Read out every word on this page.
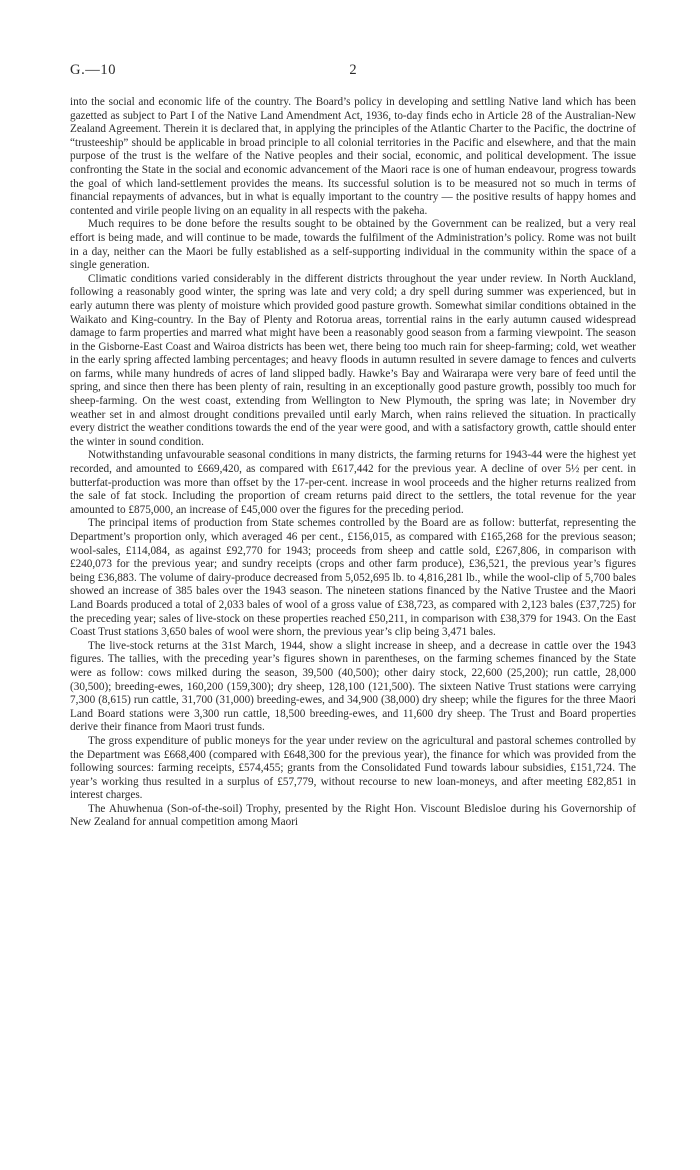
G.—10	2

into the social and economic life of the country. The Board’s policy in developing and settling Native land which has been gazetted as subject to Part I of the Native Land Amendment Act, 1936, to-day finds echo in Article 28 of the Australian-New Zealand Agreement. Therein it is declared that, in applying the principles of the Atlantic Charter to the Pacific, the doctrine of “trusteeship” should be applicable in broad principle to all colonial territories in the Pacific and elsewhere, and that the main purpose of the trust is the welfare of the Native peoples and their social, economic, and political development. The issue confronting the State in the social and economic advancement of the Maori race is one of human endeavour, progress towards the goal of which land-settlement provides the means. Its successful solution is to be measured not so much in terms of financial repayments of advances, but in what is equally important to the country — the positive results of happy homes and contented and virile people living on an equality in all respects with the pakeha.

Much requires to be done before the results sought to be obtained by the Government can be realized, but a very real effort is being made, and will continue to be made, towards the fulfilment of the Administration’s policy. Rome was not built in a day, neither can the Maori be fully established as a self-supporting individual in the community within the space of a single generation.

Climatic conditions varied considerably in the different districts throughout the year under review. In North Auckland, following a reasonably good winter, the spring was late and very cold; a dry spell during summer was experienced, but in early autumn there was plenty of moisture which provided good pasture growth. Somewhat similar conditions obtained in the Waikato and King-country. In the Bay of Plenty and Rotorua areas, torrential rains in the early autumn caused widespread damage to farm properties and marred what might have been a reasonably good season from a farming viewpoint. The season in the Gisborne-East Coast and Wairoa districts has been wet, there being too much rain for sheep-farming; cold, wet weather in the early spring affected lambing percentages; and heavy floods in autumn resulted in severe damage to fences and culverts on farms, while many hundreds of acres of land slipped badly. Hawke’s Bay and Wairarapa were very bare of feed until the spring, and since then there has been plenty of rain, resulting in an exceptionally good pasture growth, possibly too much for sheep-farming. On the west coast, extending from Wellington to New Plymouth, the spring was late; in November dry weather set in and almost drought conditions prevailed until early March, when rains relieved the situation. In practically every district the weather conditions towards the end of the year were good, and with a satisfactory growth, cattle should enter the winter in sound condition.

Notwithstanding unfavourable seasonal conditions in many districts, the farming returns for 1943-44 were the highest yet recorded, and amounted to £669,420, as compared with £617,442 for the previous year. A decline of over 5½ per cent. in butterfat-production was more than offset by the 17-per-cent. increase in wool proceeds and the higher returns realized from the sale of fat stock. Including the proportion of cream returns paid direct to the settlers, the total revenue for the year amounted to £875,000, an increase of £45,000 over the figures for the preceding period.

The principal items of production from State schemes controlled by the Board are as follow: butterfat, representing the Department’s proportion only, which averaged 46 per cent., £156,015, as compared with £165,268 for the previous season; wool-sales, £114,084, as against £92,770 for 1943; proceeds from sheep and cattle sold, £267,806, in comparison with £240,073 for the previous year; and sundry receipts (crops and other farm produce), £36,521, the previous year’s figures being £36,883. The volume of dairy-produce decreased from 5,052,695 lb. to 4,816,281 lb., while the wool-clip of 5,700 bales showed an increase of 385 bales over the 1943 season. The nineteen stations financed by the Native Trustee and the Maori Land Boards produced a total of 2,033 bales of wool of a gross value of £38,723, as compared with 2,123 bales (£37,725) for the preceding year; sales of live-stock on these properties reached £50,211, in comparison with £38,379 for 1943. On the East Coast Trust stations 3,650 bales of wool were shorn, the previous year’s clip being 3,471 bales.

The live-stock returns at the 31st March, 1944, show a slight increase in sheep, and a decrease in cattle over the 1943 figures. The tallies, with the preceding year’s figures shown in parentheses, on the farming schemes financed by the State were as follow: cows milked during the season, 39,500 (40,500); other dairy stock, 22,600 (25,200); run cattle, 28,000 (30,500); breeding-ewes, 160,200 (159,300); dry sheep, 128,100 (121,500). The sixteen Native Trust stations were carrying 7,300 (8,615) run cattle, 31,700 (31,000) breeding-ewes, and 34,900 (38,000) dry sheep; while the figures for the three Maori Land Board stations were 3,300 run cattle, 18,500 breeding-ewes, and 11,600 dry sheep. The Trust and Board properties derive their finance from Maori trust funds.

The gross expenditure of public moneys for the year under review on the agricultural and pastoral schemes controlled by the Department was £668,400 (compared with £648,300 for the previous year), the finance for which was provided from the following sources: farming receipts, £574,455; grants from the Consolidated Fund towards labour subsidies, £151,724. The year’s working thus resulted in a surplus of £57,779, without recourse to new loan-moneys, and after meeting £82,851 in interest charges.

The Ahuwhenua (Son-of-the-soil) Trophy, presented by the Right Hon. Viscount Bledisloe during his Governorship of New Zealand for annual competition among Maori
